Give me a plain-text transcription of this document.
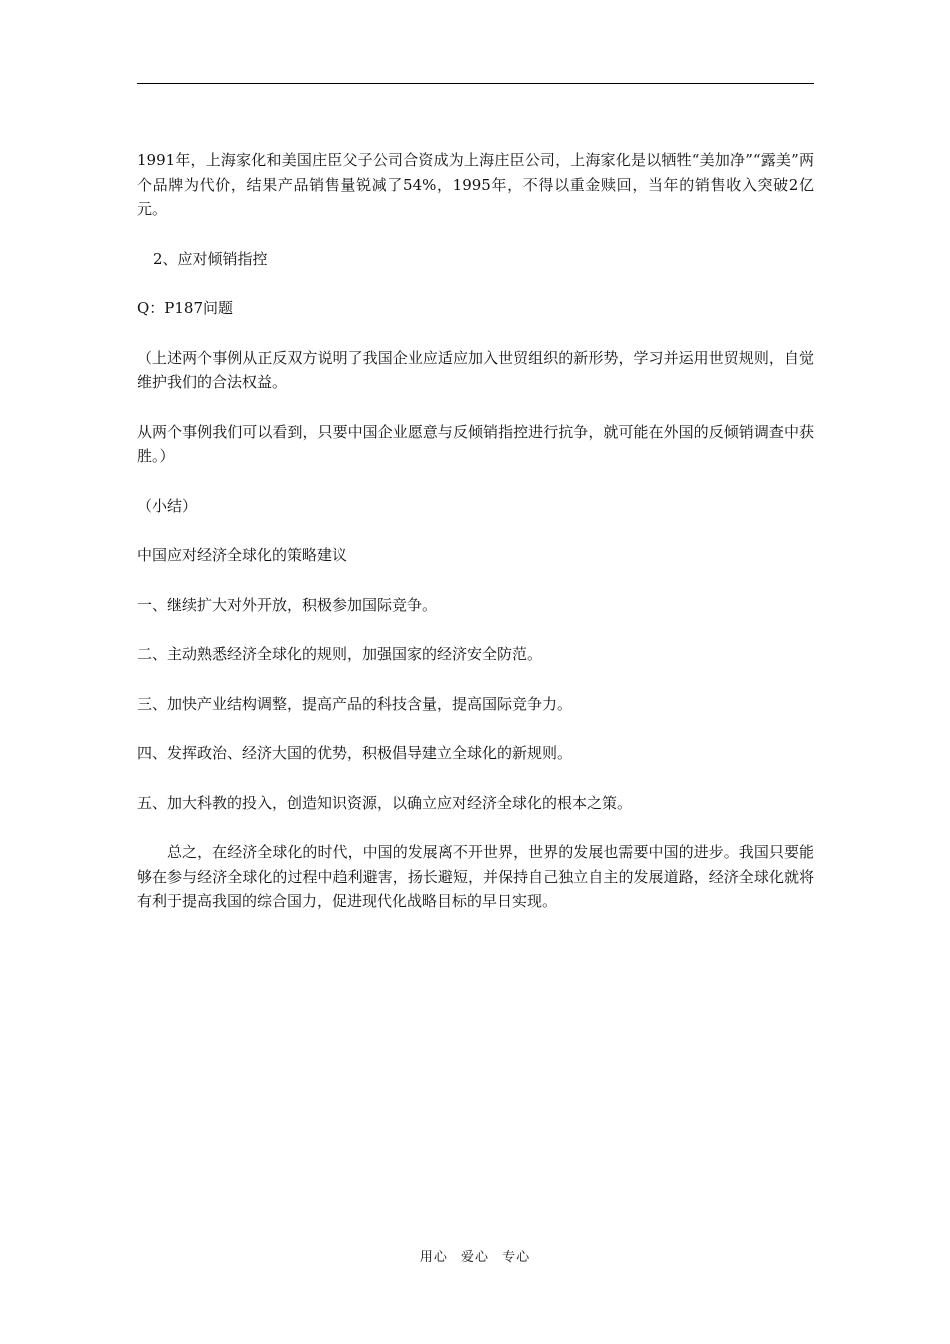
1991年，上海家化和美国庄臣父子公司合资成为上海庄臣公司，上海家化是以牺牲“美加净”“露美”两个品牌为代价，结果产品销售量锐减了54%，1995年，不得以重金赎回，当年的销售收入突破2亿元。

2、应对倾销指控

Q：P187问题

（上述两个事例从正反双方说明了我国企业应适应加入世贸组织的新形势，学习并运用世贸规则，自觉维护我们的合法权益。

从两个事例我们可以看到，只要中国企业愿意与反倾销指控进行抗争，就可能在外国的反倾销调查中获胜。）

（小结）

中国应对经济全球化的策略建议

一、继续扩大对外开放，积极参加国际竞争。

二、主动熟悉经济全球化的规则，加强国家的经济安全防范。

三、加快产业结构调整，提高产品的科技含量，提高国际竞争力。

四、发挥政治、经济大国的优势，积极倡导建立全球化的新规则。

五、加大科教的投入，创造知识资源，以确立应对经济全球化的根本之策。

总之，在经济全球化的时代，中国的发展离不开世界，世界的发展也需要中国的进步。我国只要能够在参与经济全球化的过程中趋利避害，扬长避短，并保持自己独立自主的发展道路，经济全球化就将有利于提高我国的综合国力，促进现代化战略目标的早日实现。

用心 爱心 专心
